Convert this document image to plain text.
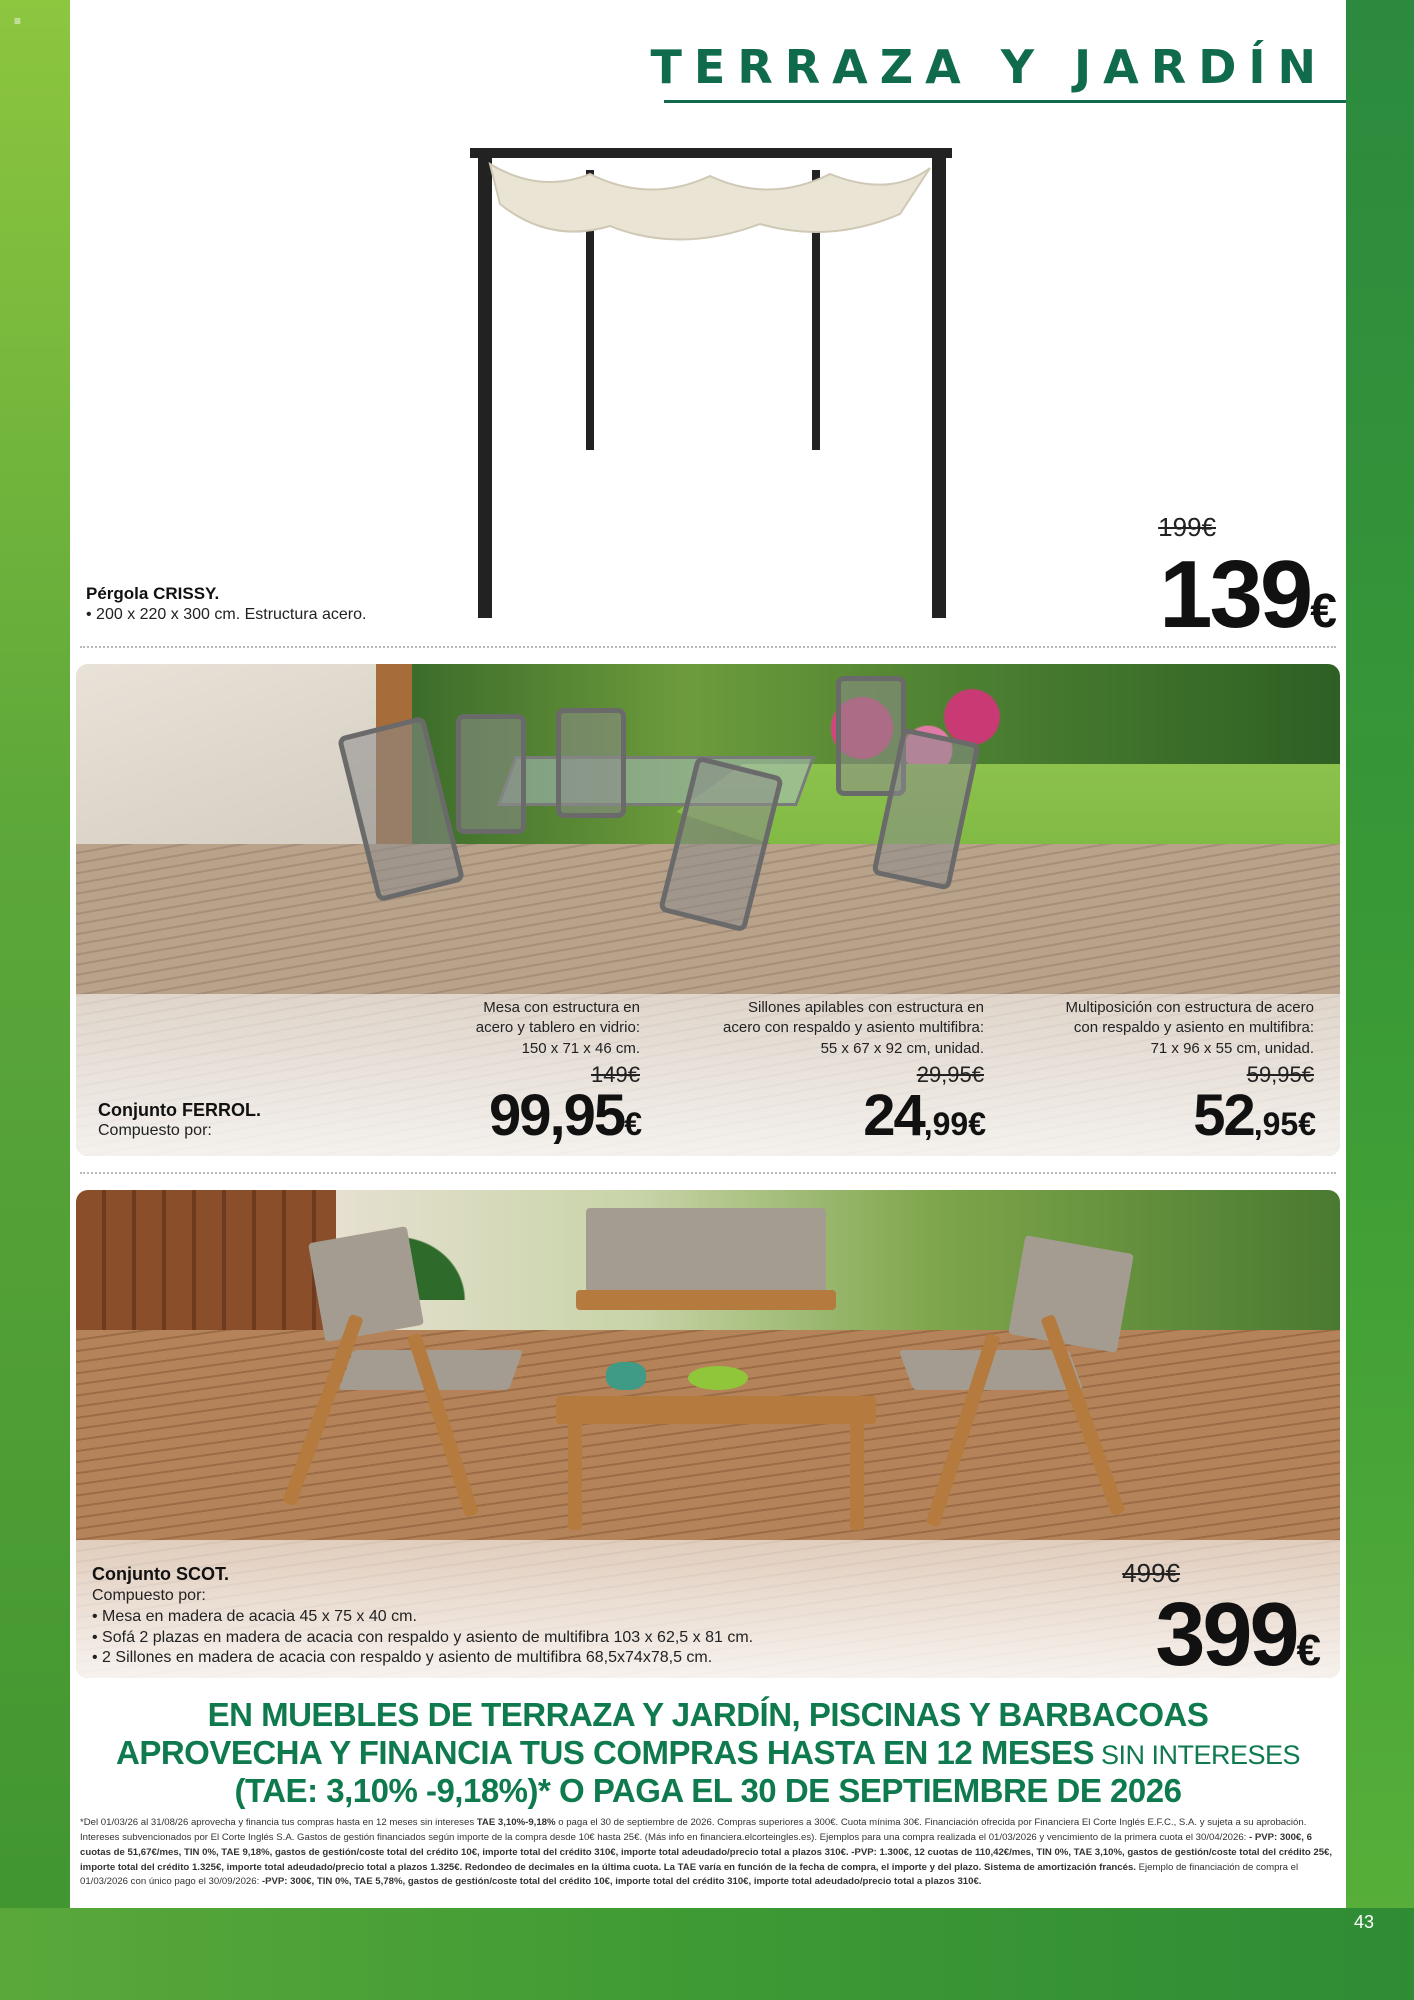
≡
TERRAZA Y JARDÍN
Pérgola CRISSY.
• 200 x 220 x 300 cm. Estructura acero.
199€
139€
Conjunto FERROL.
Compuesto por:
Mesa con estructura en
acero y tablero en vidrio:
150 x 71 x 46 cm.
149€
99,95€
Sillones apilables con estructura en
acero con respaldo y asiento multifibra:
55 x 67 x 92 cm, unidad.
29,95€
24,99€
Multiposición con estructura de acero
con respaldo y asiento en multifibra:
71 x 96 x 55 cm, unidad.
59,95€
52,95€
Conjunto SCOT.
Compuesto por:
• Mesa en madera de acacia 45 x 75 x 40 cm.
• Sofá 2 plazas en madera de acacia con respaldo y asiento de multifibra 103 x 62,5 x 81 cm.
• 2 Sillones en madera de acacia con respaldo y asiento de multifibra 68,5x74x78,5 cm.
499€
399€
EN MUEBLES DE TERRAZA Y JARDÍN, PISCINAS Y BARBACOAS
APROVECHA Y FINANCIA TUS COMPRAS HASTA EN 12 MESES SIN INTERESES
(TAE: 3,10% -9,18%)* O PAGA EL 30 DE SEPTIEMBRE DE 2026
*Del 01/03/26 al 31/08/26 aprovecha y financia tus compras hasta en 12 meses sin intereses TAE 3,10%-9,18% o paga el 30 de septiembre de 2026. Compras superiores a 300€. Cuota mínima 30€. Financiación ofrecida por Financiera El Corte Inglés E.F.C., S.A. y sujeta a su aprobación. Intereses subvencionados por El Corte Inglés S.A. Gastos de gestión financiados según importe de la compra desde 10€ hasta 25€. (Más info en financiera.elcorteingles.es). Ejemplos para una compra realizada el 01/03/2026 y vencimiento de la primera cuota el 30/04/2026: - PVP: 300€, 6 cuotas de 51,67€/mes, TIN 0%, TAE 9,18%, gastos de gestión/coste total del crédito 10€, importe total del crédito 310€, importe total adeudado/precio total a plazos 310€. -PVP: 1.300€, 12 cuotas de 110,42€/mes, TIN 0%, TAE 3,10%, gastos de gestión/coste total del crédito 25€, importe total del crédito 1.325€, importe total adeudado/precio total a plazos 1.325€. Redondeo de decimales en la última cuota. La TAE varía en función de la fecha de compra, el importe y del plazo. Sistema de amortización francés. Ejemplo de financiación de compra el 01/03/2026 con único pago el 30/09/2026: -PVP: 300€, TIN 0%, TAE 5,78%, gastos de gestión/coste total del crédito 10€, importe total del crédito 310€, importe total adeudado/precio total a plazos 310€.
43
